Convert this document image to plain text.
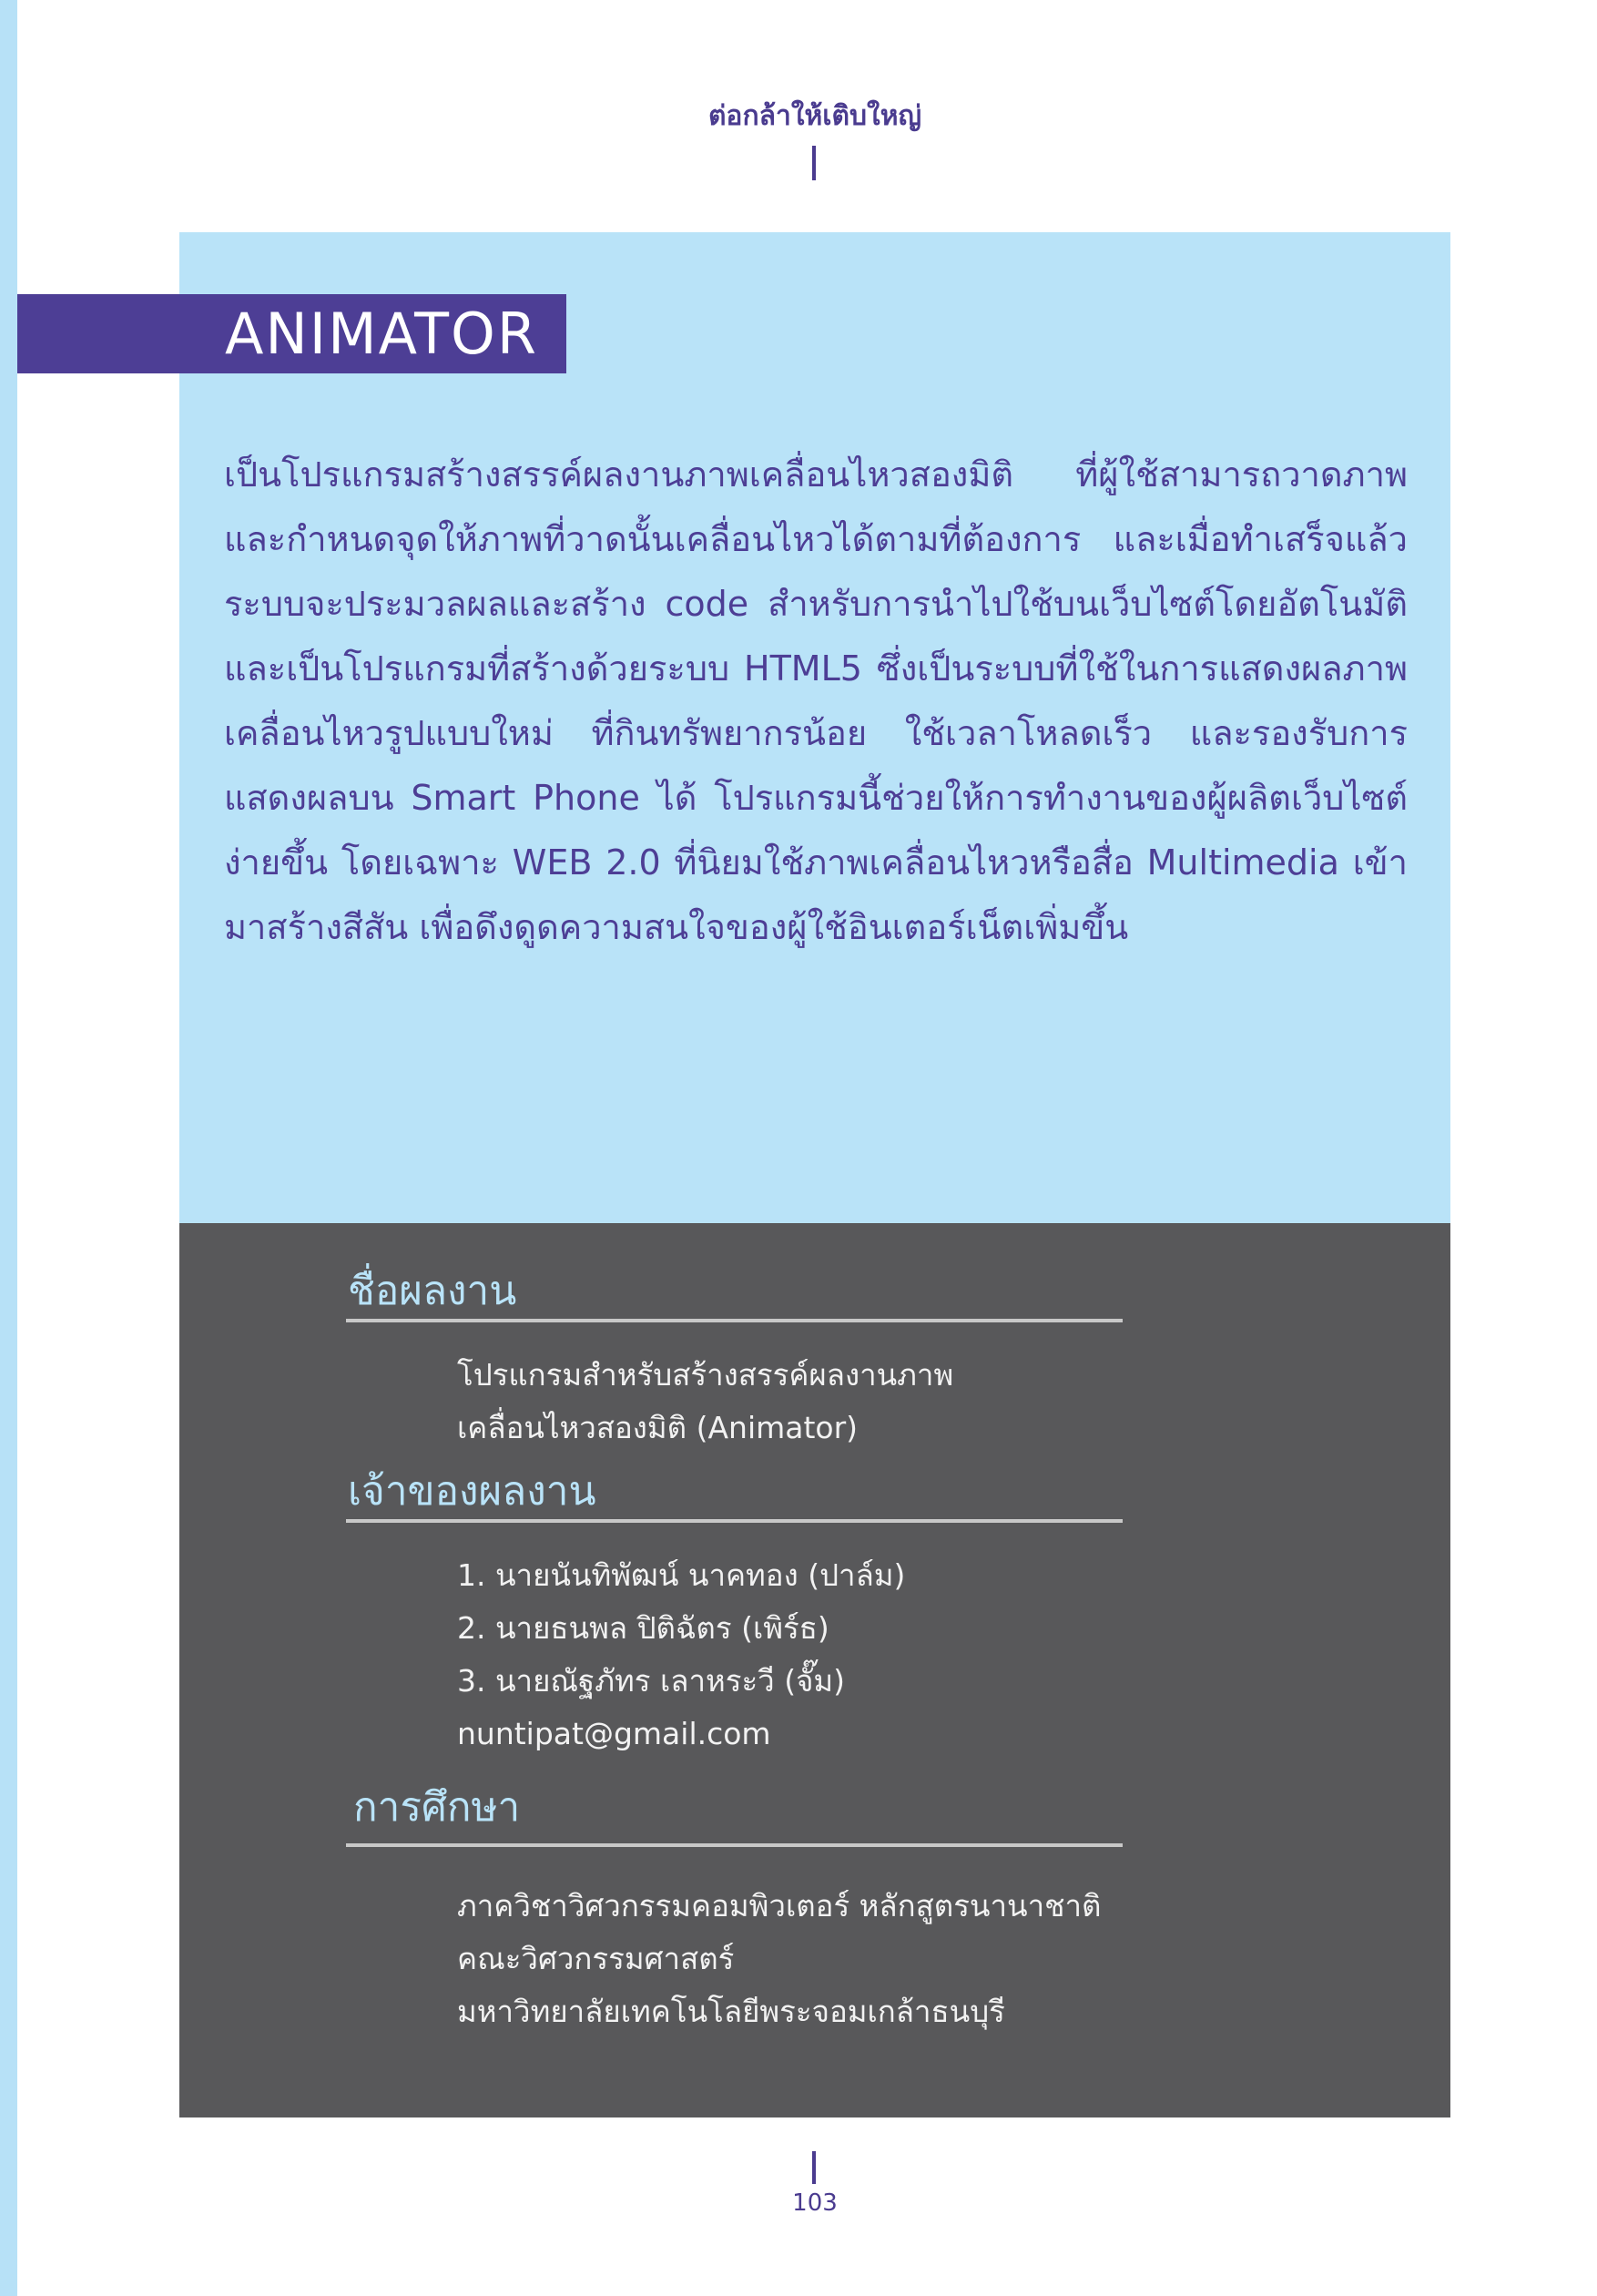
ต่อกล้าให้เติบใหญ่
ANIMATOR

เป็นโปรแกรมสร้างสรรค์ผลงานภาพเคลื่อนไหวสองมิติ ที่ผู้ใช้สามารถวาดภาพและกำหนดจุดให้ภาพที่วาดนั้นเคลื่อนไหวได้ตามที่ต้องการ และเมื่อทำเสร็จแล้ว ระบบจะประมวลผลและสร้าง code สำหรับการนำไปใช้บนเว็บไซต์โดยอัตโนมัติ และเป็นโปรแกรมที่สร้างด้วยระบบ HTML5 ซึ่งเป็นระบบที่ใช้ในการแสดงผลภาพเคลื่อนไหวรูปแบบใหม่ ที่กินทรัพยากรน้อย ใช้เวลาโหลดเร็ว และรองรับการแสดงผลบน Smart Phone ได้ โปรแกรมนี้ช่วยให้การทำงานของผู้ผลิตเว็บไซต์ง่ายขึ้น โดยเฉพาะ WEB 2.0 ที่นิยมใช้ภาพเคลื่อนไหวหรือสื่อ Multimedia เข้ามาสร้างสีสัน เพื่อดึงดูดความสนใจของผู้ใช้อินเตอร์เน็ตเพิ่มขึ้น

ชื่อผลงาน
โปรแกรมสำหรับสร้างสรรค์ผลงานภาพ
เคลื่อนไหวสองมิติ (Animator)
เจ้าของผลงาน
1. นายนันทิพัฒน์ นาคทอง (ปาล์ม)
2. นายธนพล ปิติฉัตร (เพิร์ธ)
3. นายณัฐภัทร เลาหระวี (จั๊ม)
nuntipat@gmail.com
การศึกษา
ภาควิชาวิศวกรรมคอมพิวเตอร์ หลักสูตรนานาชาติ
คณะวิศวกรรมศาสตร์
มหาวิทยาลัยเทคโนโลยีพระจอมเกล้าธนบุรี
103
